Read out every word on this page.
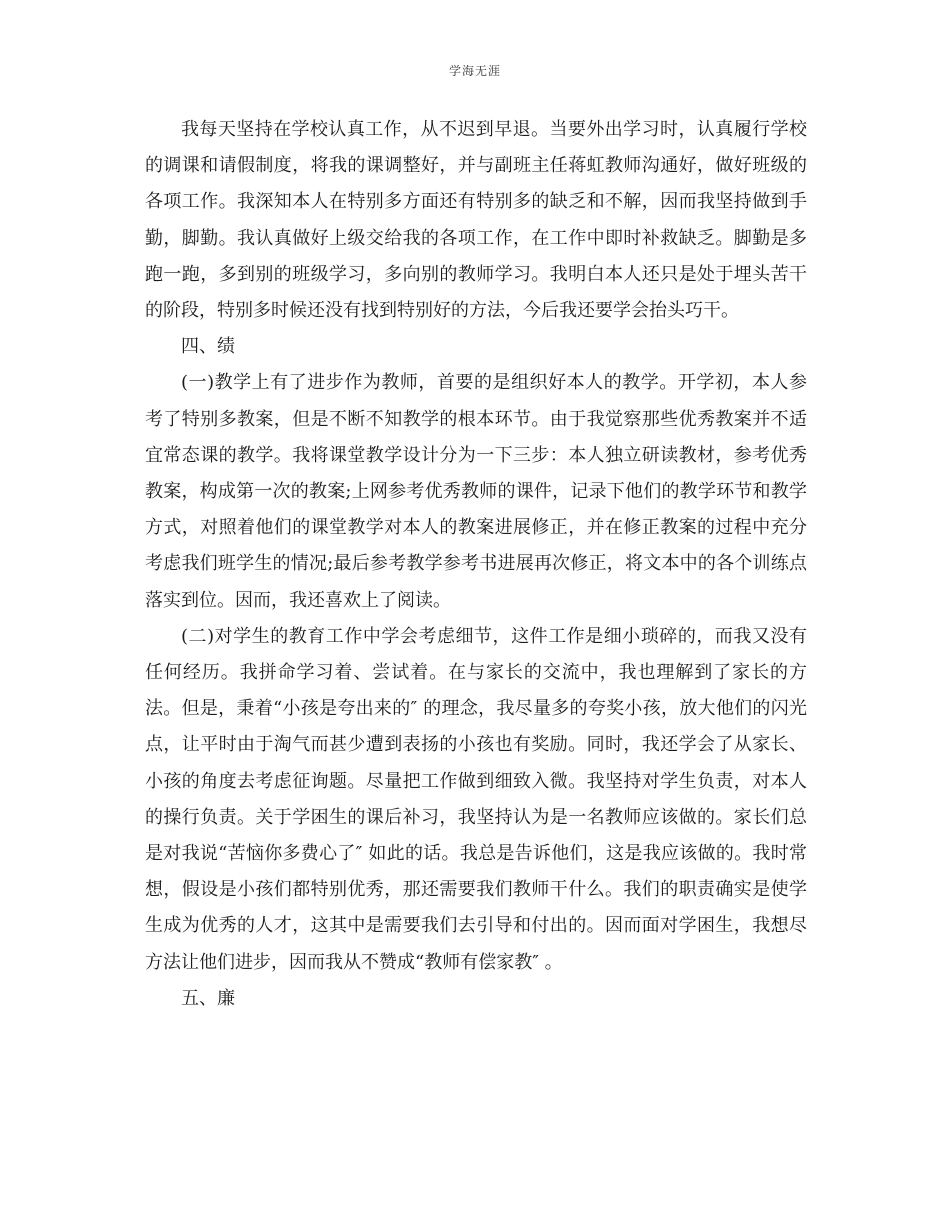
学海无涯

我每天坚持在学校认真工作，从不迟到早退。当要外出学习时，认真履行学校的调课和请假制度，将我的课调整好，并与副班主任蒋虹教师沟通好，做好班级的各项工作。我深知本人在特别多方面还有特别多的缺乏和不解，因而我坚持做到手勤，脚勤。我认真做好上级交给我的各项工作，在工作中即时补救缺乏。脚勤是多跑一跑，多到别的班级学习，多向别的教师学习。我明白本人还只是处于埋头苦干的阶段，特别多时候还没有找到特别好的方法，今后我还要学会抬头巧干。

四、绩

(一)教学上有了进步作为教师，首要的是组织好本人的教学。开学初，本人参考了特别多教案，但是不断不知教学的根本环节。由于我觉察那些优秀教案并不适宜常态课的教学。我将课堂教学设计分为一下三步：本人独立研读教材，参考优秀教案，构成第一次的教案;上网参考优秀教师的课件，记录下他们的教学环节和教学方式，对照着他们的课堂教学对本人的教案进展修正，并在修正教案的过程中充分考虑我们班学生的情况;最后参考教学参考书进展再次修正，将文本中的各个训练点落实到位。因而，我还喜欢上了阅读。

(二)对学生的教育工作中学会考虑细节，这件工作是细小琐碎的，而我又没有任何经历。我拼命学习着、尝试着。在与家长的交流中，我也理解到了家长的方法。但是，秉着“小孩是夸出来的″ 的理念，我尽量多的夸奖小孩，放大他们的闪光点，让平时由于淘气而甚少遭到表扬的小孩也有奖励。同时，我还学会了从家长、小孩的角度去考虑征询题。尽量把工作做到细致入微。我坚持对学生负责，对本人的操行负责。关于学困生的课后补习，我坚持认为是一名教师应该做的。家长们总是对我说“苦恼你多费心了″ 如此的话。我总是告诉他们，这是我应该做的。我时常想，假设是小孩们都特别优秀，那还需要我们教师干什么。我们的职责确实是使学生成为优秀的人才，这其中是需要我们去引导和付出的。因而面对学困生，我想尽方法让他们进步，因而我从不赞成“教师有偿家教″ 。

五、廉
